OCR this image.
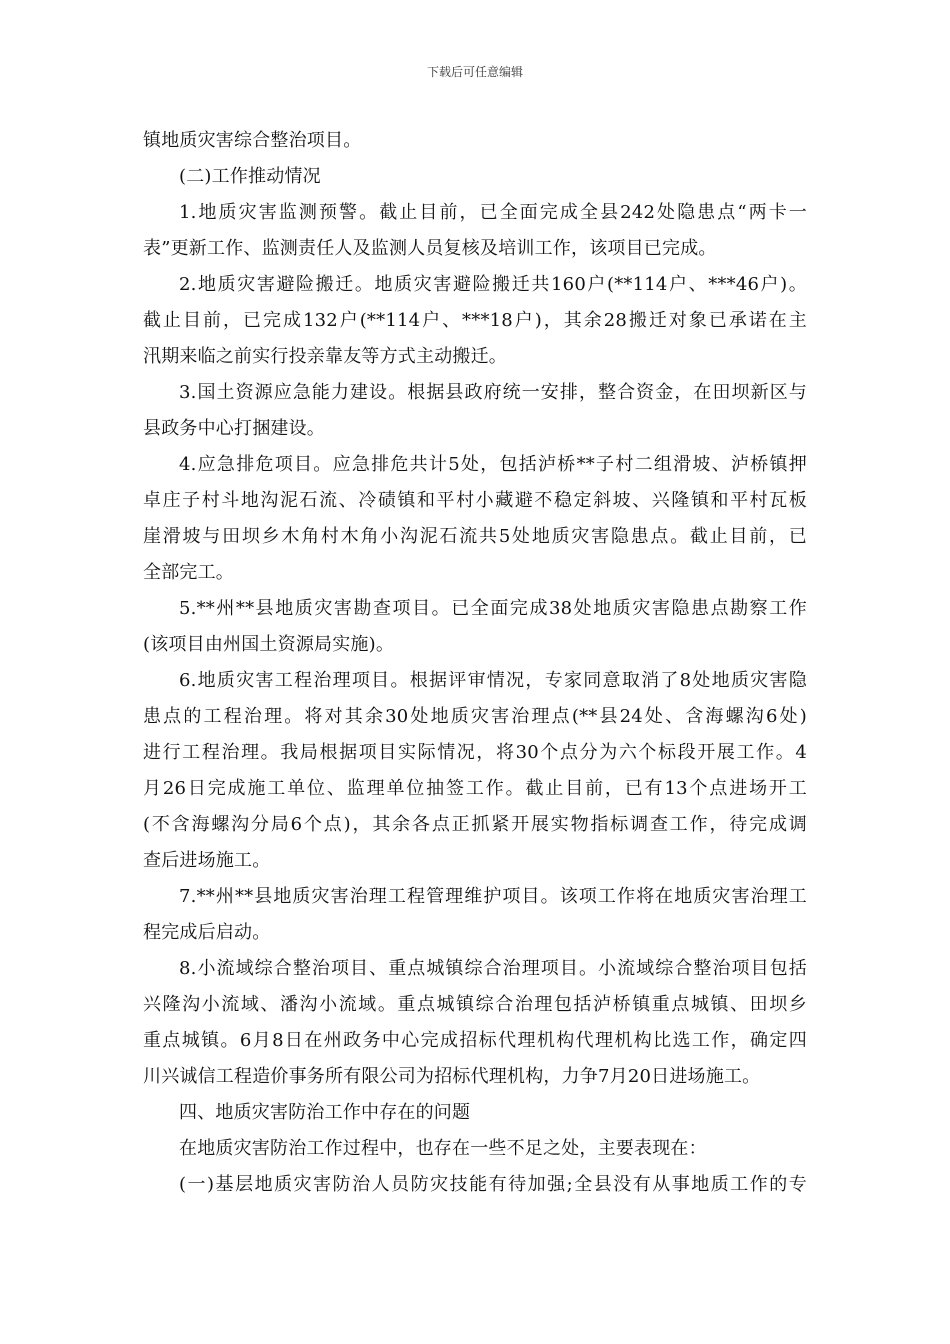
下载后可任意编辑
镇地质灾害综合整治项目。
(二)工作推动情况
1.地质灾害监测预警。截止目前，已全面完成全县242处隐患点“两卡一
表”更新工作、监测责任人及监测人员复核及培训工作，该项目已完成。
2.地质灾害避险搬迁。地质灾害避险搬迁共160户(**114户、***46户)。
截止目前，已完成132户(**114户、***18户)，其余28搬迁对象已承诺在主
汛期来临之前实行投亲靠友等方式主动搬迁。
3.国土资源应急能力建设。根据县政府统一安排，整合资金，在田坝新区与
县政务中心打捆建设。
4.应急排危项目。应急排危共计5处，包括泸桥**子村二组滑坡、泸桥镇押
卓庄子村斗地沟泥石流、冷碛镇和平村小藏避不稳定斜坡、兴隆镇和平村瓦板
崖滑坡与田坝乡木角村木角小沟泥石流共5处地质灾害隐患点。截止目前，已
全部完工。
5.**州**县地质灾害勘查项目。已全面完成38处地质灾害隐患点勘察工作
(该项目由州国土资源局实施)。
6.地质灾害工程治理项目。根据评审情况，专家同意取消了8处地质灾害隐
患点的工程治理。将对其余30处地质灾害治理点(**县24处、含海螺沟6处)
进行工程治理。我局根据项目实际情况，将30个点分为六个标段开展工作。4
月26日完成施工单位、监理单位抽签工作。截止目前，已有13个点进场开工
(不含海螺沟分局6个点)，其余各点正抓紧开展实物指标调查工作，待完成调
查后进场施工。
7.**州**县地质灾害治理工程管理维护项目。该项工作将在地质灾害治理工
程完成后启动。
8.小流域综合整治项目、重点城镇综合治理项目。小流域综合整治项目包括
兴隆沟小流域、潘沟小流域。重点城镇综合治理包括泸桥镇重点城镇、田坝乡
重点城镇。6月8日在州政务中心完成招标代理机构代理机构比选工作，确定四
川兴诚信工程造价事务所有限公司为招标代理机构，力争7月20日进场施工。
四、地质灾害防治工作中存在的问题
在地质灾害防治工作过程中，也存在一些不足之处，主要表现在：
(一)基层地质灾害防治人员防灾技能有待加强;全县没有从事地质工作的专
